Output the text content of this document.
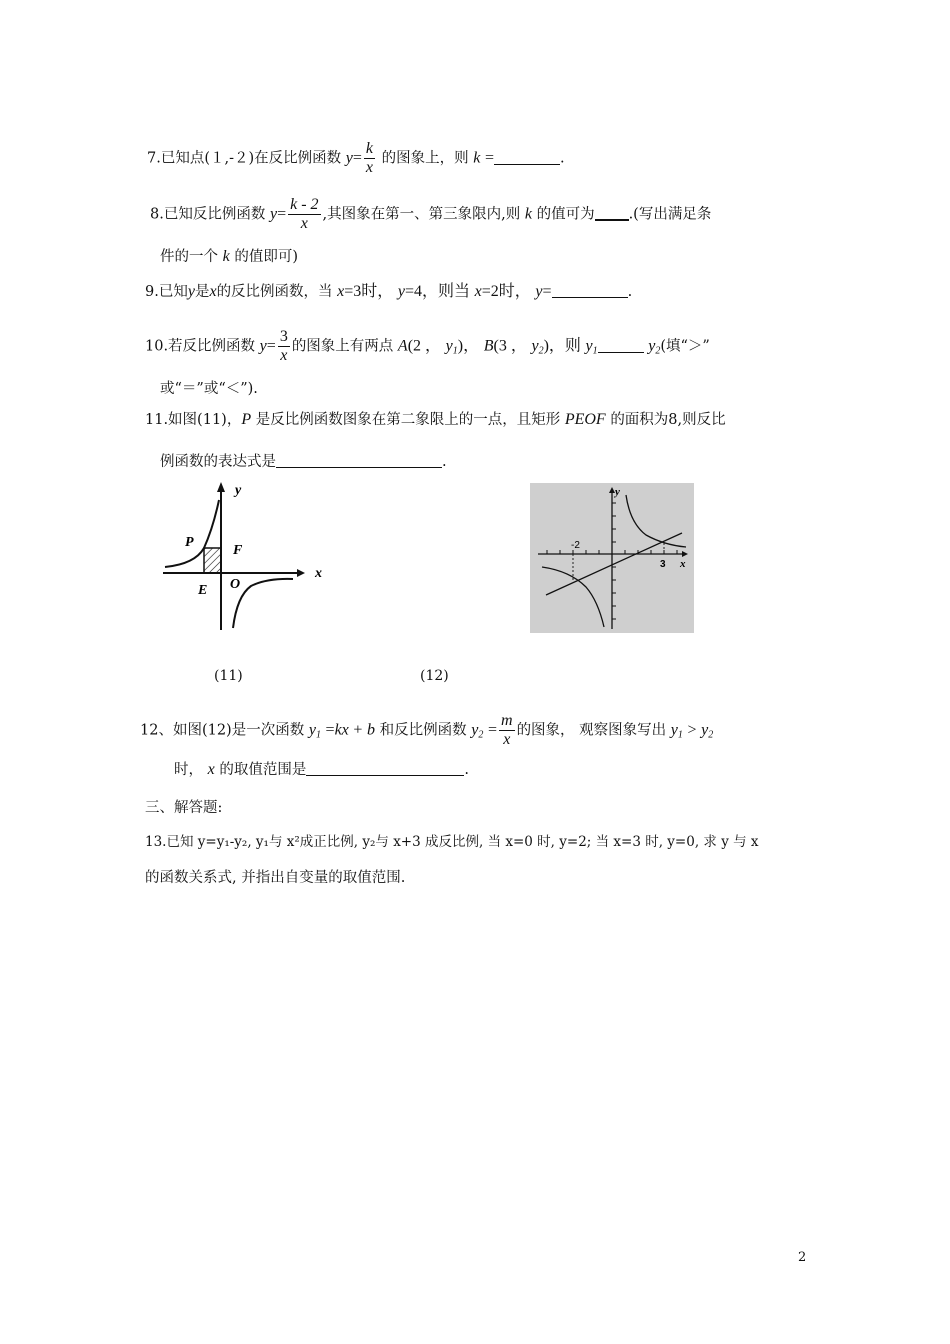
7.已知点(１,-２)在反比例函数 $y= \frac{k}{x}$ 的图象上，则 k =	.
8.已知反比例函数 $y= \frac{k - 2}{x}$ ,其图象在第一、第三象限内,则 k 的值可为 .(写出满足条
件的一个 k 的值即可)
9.已知y是x的反比例函数，当 x=3时， y=4，则当 x=2时， y=	.
10.若反比例函数 $y= \frac{3}{x}$ 的图象上有两点 A(2 ， $y_1$)， B(3 ， $y_2$)，则 $y_1$	$y_2$(填“＞”
或“＝”或“＜”).
11.如图(11)，P 是反比例函数图象在第二象限上的一点，且矩形 PEOF 的面积为8,则反比
例函数的表达式是	.
y
x
P
F
E O
y
x
-2
3
(11)	(12)
12、如图(12)是一次函数 $y_1 =kx + b$ 和反比例函数 $y_2 = \frac{m}{x}$ 的图象， 观察图象写出 $y_1 > y_2$
时， x 的取值范围是	.
三、解答题:
13.已知 y=y₁-y₂, y₁与 x²成正比例, y₂与 x+3 成反比例, 当 x=0 时, y=2; 当 x=3 时, y=0, 求 y 与 x
的函数关系式, 并指出自变量的取值范围.
2
